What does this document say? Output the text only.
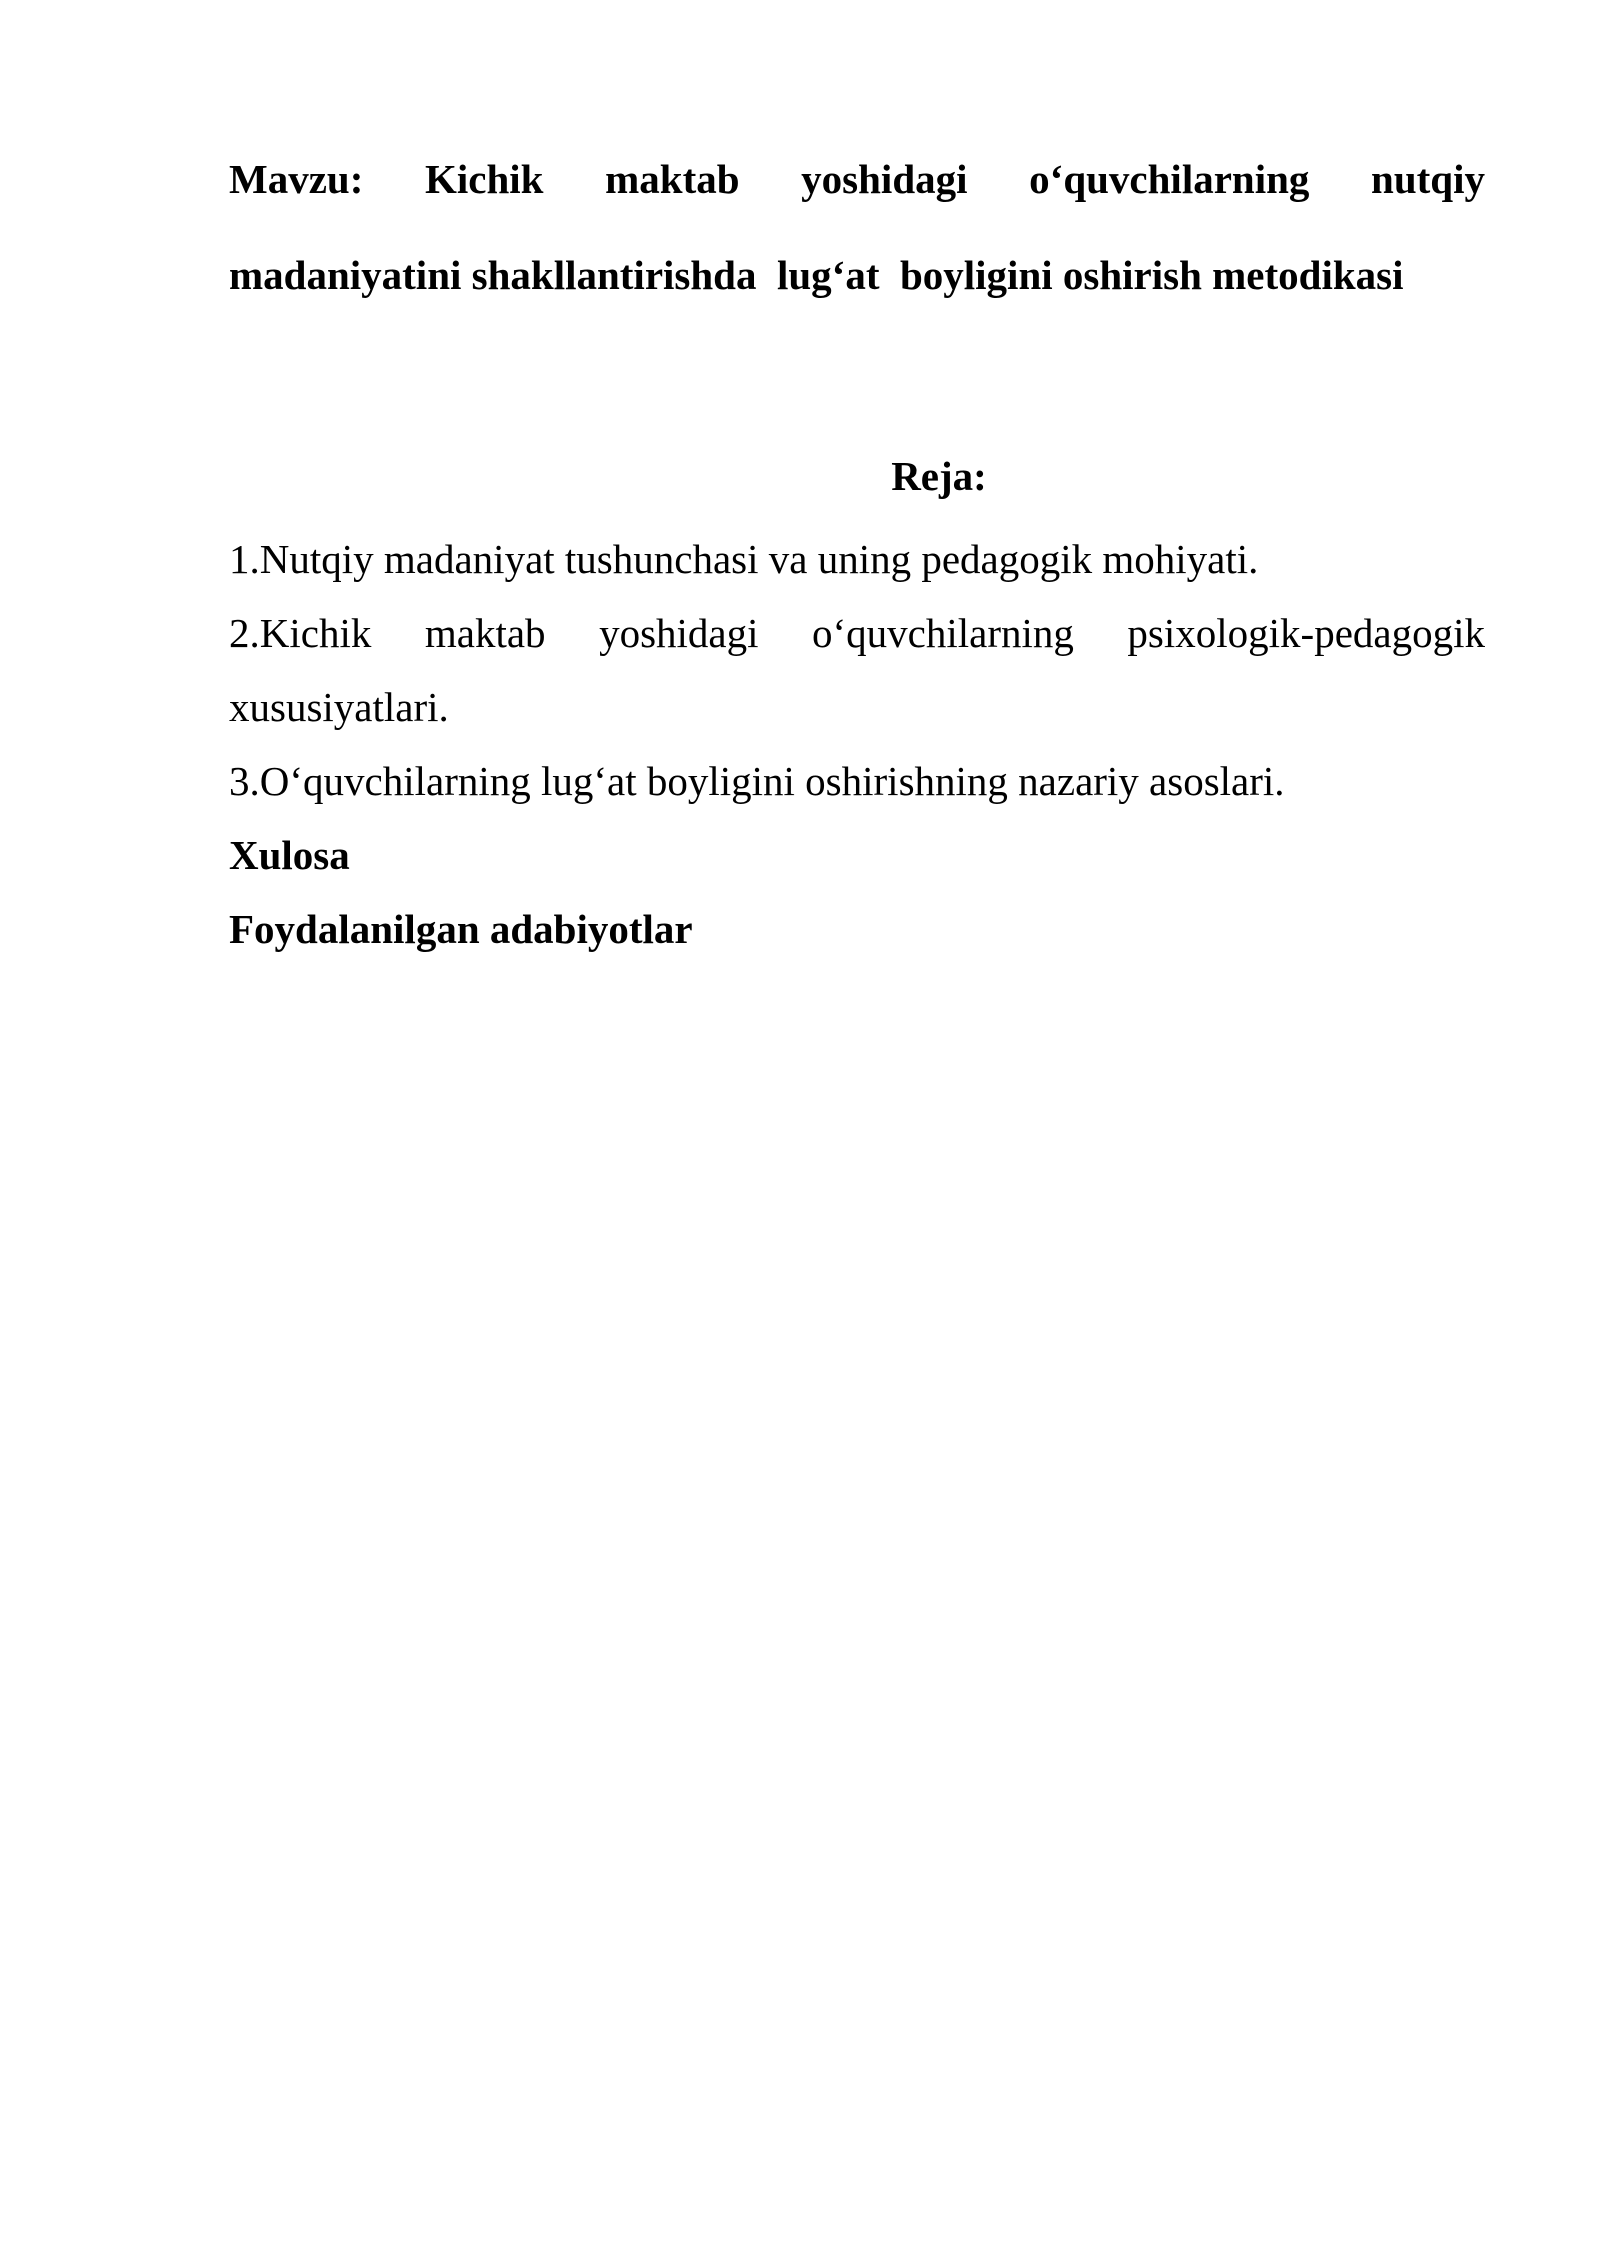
Mavzu: Kichik maktab yoshidagi o‘quvchilarning nutqiy
madaniyatini shakllantirishda  lug‘at  boyligini oshirish metodikasi
Reja:

1.Nutqiy madaniyat tushunchasi va uning pedagogik mohiyati.

2.Kichik maktab yoshidagi o‘quvchilarning psixologik-pedagogik
xususiyatlari.

3.O‘quvchilarning lug‘at boyligini oshirishning nazariy asoslari.

Xulosa

Foydalanilgan adabiyotlar
